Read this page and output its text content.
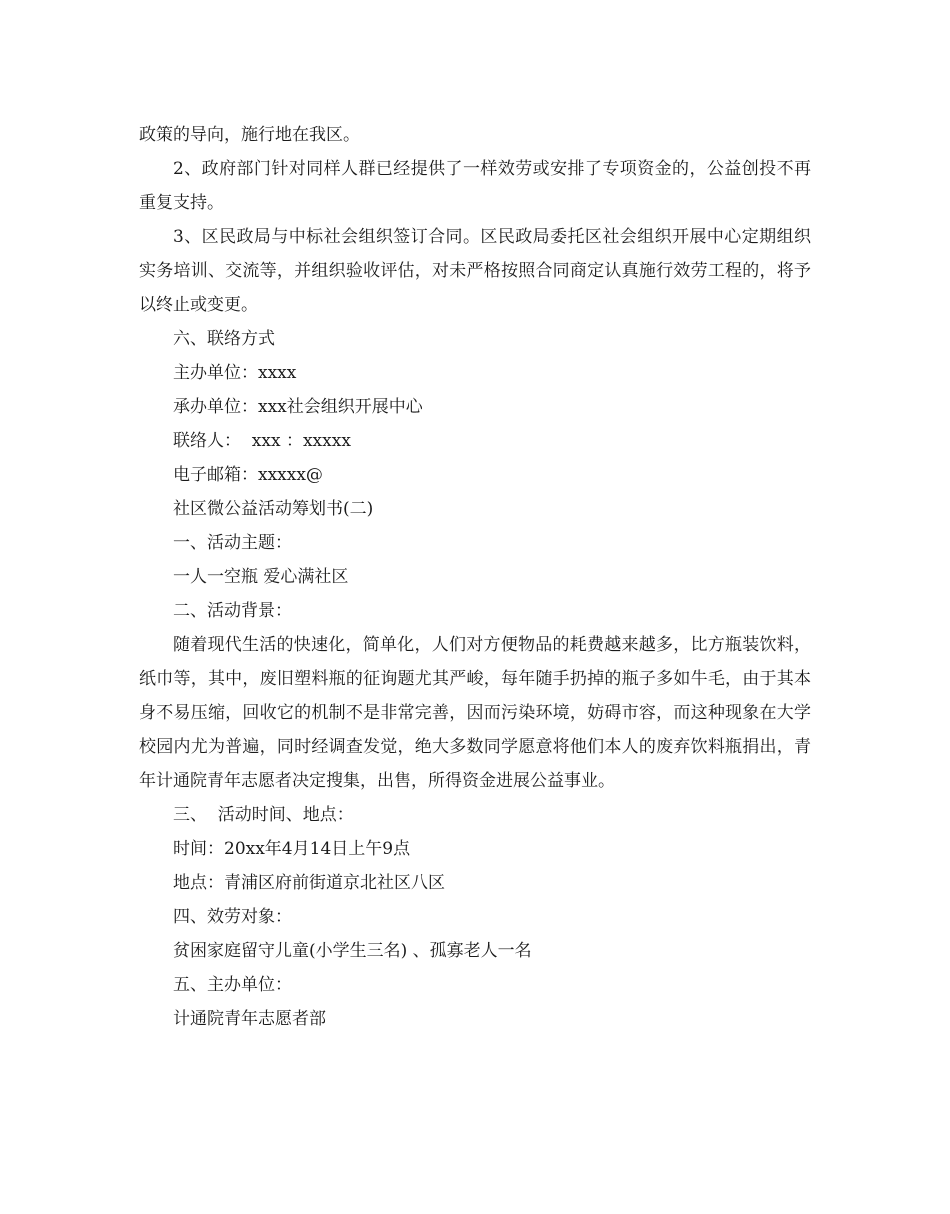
政策的导向，施行地在我区。

2、政府部门针对同样人群已经提供了一样效劳或安排了专项资金的，公益创投不再重复支持。

3、区民政局与中标社会组织签订合同。区民政局委托区社会组织开展中心定期组织实务培训、交流等，并组织验收评估，对未严格按照合同商定认真施行效劳工程的，将予以终止或变更。

六、联络方式

主办单位：xxxx

承办单位：xxx社会组织开展中心

联络人：  xxx ：xxxxx

电子邮箱：xxxxx@

社区微公益活动筹划书(二)

一、活动主题：

一人一空瓶 爱心满社区

二、活动背景：

随着现代生活的快速化，简单化，人们对方便物品的耗费越来越多，比方瓶装饮料，纸巾等，其中，废旧塑料瓶的征询题尤其严峻，每年随手扔掉的瓶子多如牛毛，由于其本身不易压缩，回收它的机制不是非常完善，因而污染环境，妨碍市容，而这种现象在大学校园内尤为普遍，同时经调查发觉，绝大多数同学愿意将他们本人的废弃饮料瓶捐出，青年计通院青年志愿者决定搜集，出售，所得资金进展公益事业。

三、  活动时间、地点：

时间：20xx年4月14日上午9点

地点：青浦区府前街道京北社区八区

四、效劳对象：

贫困家庭留守儿童(小学生三名) 、孤寡老人一名

五、主办单位：

计通院青年志愿者部
